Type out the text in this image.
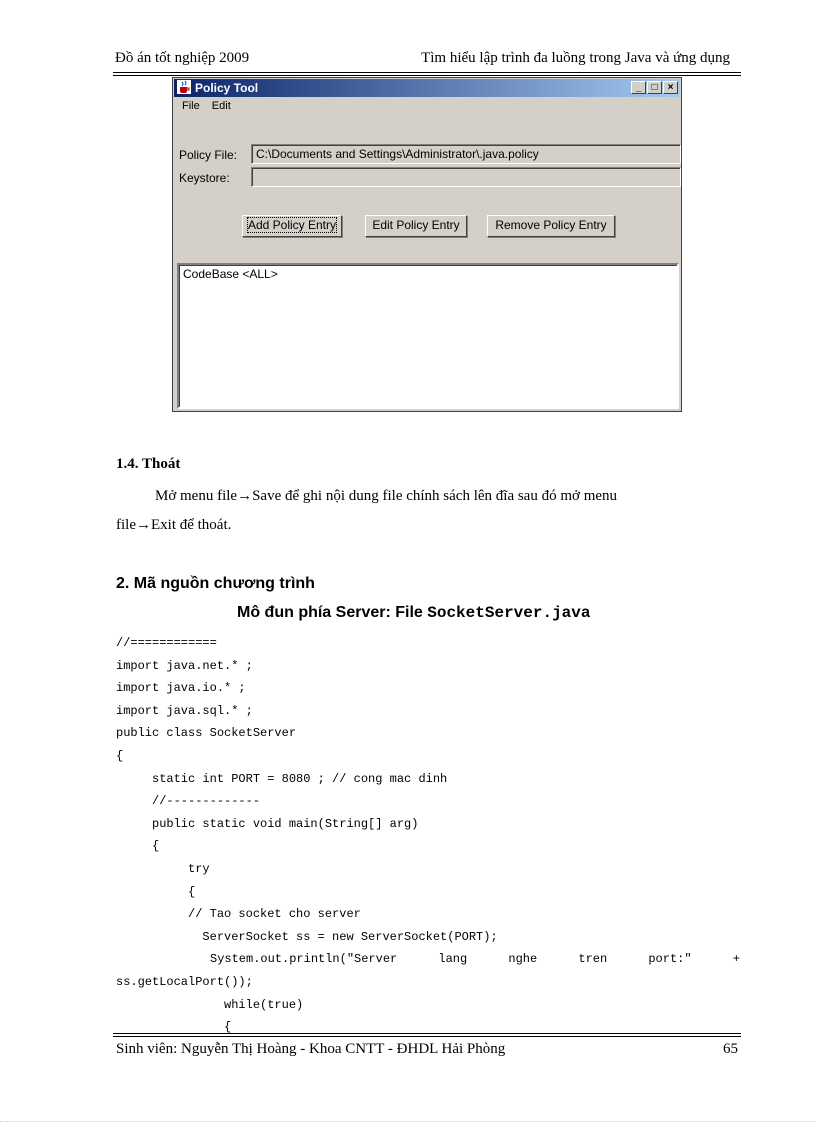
Đồ án tốt nghiệp 2009	Tìm hiểu lập trình đa luồng trong Java và ứng dụng
Policy Tool	_	□	×
File Edit
Policy File:	C:\Documents and Settings\Administrator\.java.policy
Keystore:
Add Policy Entry	Edit Policy Entry	Remove Policy Entry
CodeBase <ALL>
1.4. Thoát
Mở menu file→Save để ghi nội dung file chính sách lên đĩa sau đó mở menu
file→Exit để thoát.
2. Mã nguồn chương trình
Mô đun phía Server: File SocketServer.java
//============
import java.net.* ;
import java.io.* ;
import java.sql.* ;
public class SocketServer
{
static int PORT = 8080 ; // cong mac dinh
//-------------
public static void main(String[] arg)
{
try
{
// Tao socket cho server
ServerSocket ss = new ServerSocket(PORT);
System.out.println("Server	lang	nghe	tren	port:"	+
ss.getLocalPort());
while(true)
{
Sinh viên: Nguyễn Thị Hoàng - Khoa CNTT - ĐHDL Hải Phòng	65
